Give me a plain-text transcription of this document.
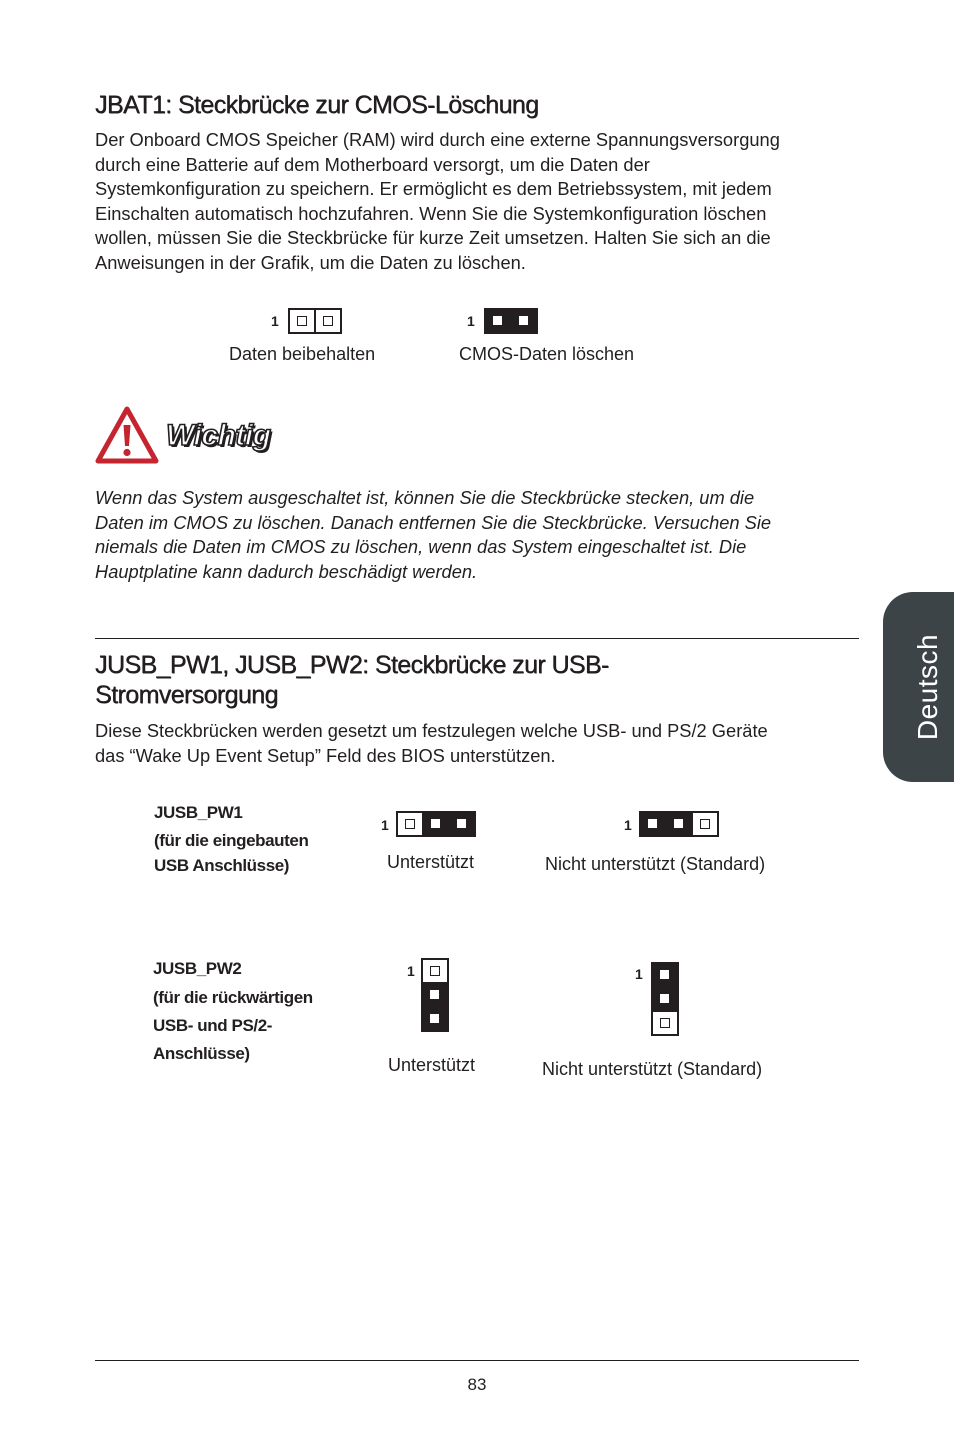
Deutsch
JBAT1: Steckbrücke zur CMOS-Löschung

Der Onboard CMOS Speicher (RAM) wird durch eine externe Spannungsversorgung
durch eine Batterie auf dem Motherboard versorgt, um die Daten der
Systemkonfiguration zu speichern. Er ermöglicht es dem Betriebssystem, mit jedem
Einschalten automatisch hochzufahren. Wenn Sie die Systemkonfiguration löschen
wollen, müssen Sie die Steckbrücke für kurze Zeit umsetzen. Halten Sie sich an die
Anweisungen in der Grafik, um die Daten zu löschen.

1
Daten beibehalten
1
CMOS-Daten löschen
Wichtig

Wenn das System ausgeschaltet ist, können Sie die Steckbrücke stecken, um die
Daten im CMOS zu löschen. Danach entfernen Sie die Steckbrücke. Versuchen Sie
niemals die Daten im CMOS zu löschen, wenn das System eingeschaltet ist. Die
Hauptplatine kann dadurch beschädigt werden.

JUSB_PW1, JUSB_PW2: Steckbrücke zur USB-
Stromversorgung

Diese Steckbrücken werden gesetzt um festzulegen welche USB- und PS/2 Geräte
das “Wake Up Event Setup” Feld des BIOS unterstützen.

JUSB_PW1
(für die eingebauten
USB Anschlüsse)
1
Unterstützt
1
Nicht unterstützt (Standard)
JUSB_PW2
(für die rückwärtigen
USB- und PS/2-
Anschlüsse)
1
Unterstützt
1
Nicht unterstützt (Standard)
83
